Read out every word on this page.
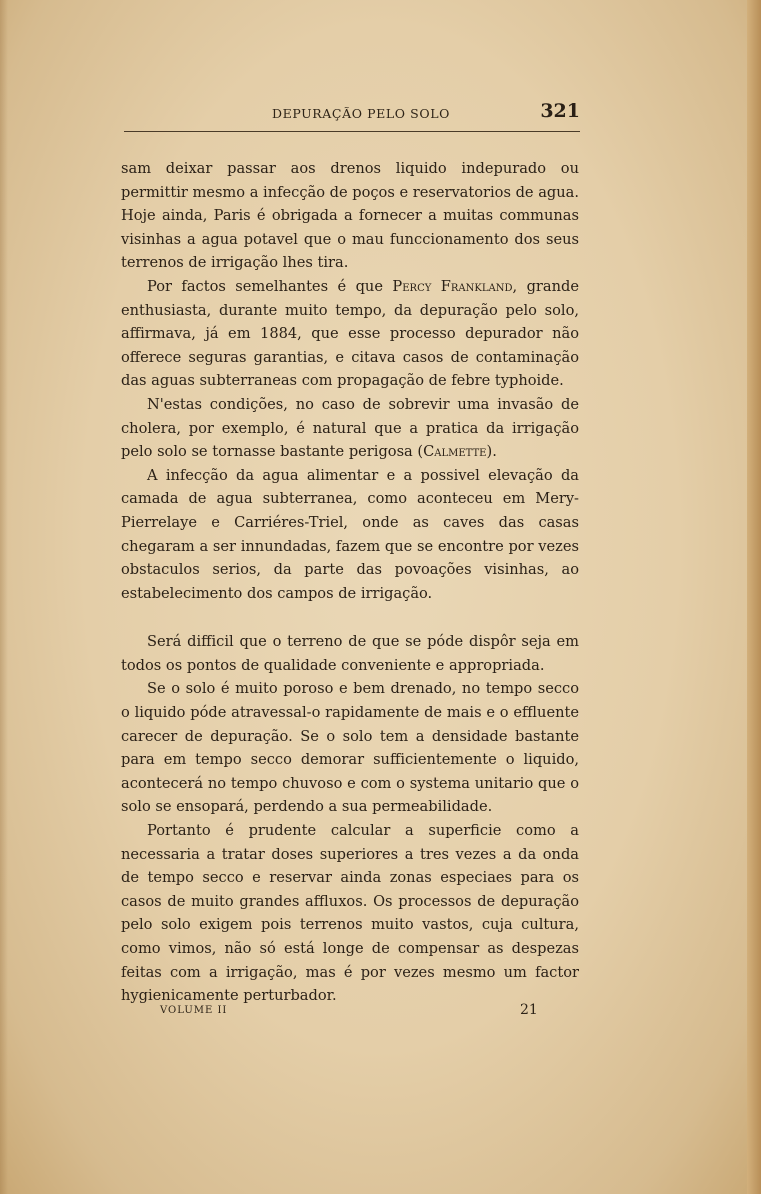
DEPURAÇÃO PELO SOLO	321

sam deixar passar aos drenos liquido indepurado ou permittir mesmo a infecção de poços e reservatorios de agua. Hoje ainda, Paris é obrigada a fornecer a muitas communas visinhas a agua potavel que o mau funccionamento dos seus terrenos de irrigação lhes tira.

Por factos semelhantes é que Percy Frankland, grande enthusiasta, durante muito tempo, da depuração pelo solo, affirmava, já em 1884, que esse processo depurador não offerece seguras garantias, e citava casos de contaminação das aguas subterraneas com propagação de febre typhoide.

N'estas condições, no caso de sobrevir uma invasão de cholera, por exemplo, é natural que a pratica da irrigação pelo solo se tornasse bastante perigosa (Calmette).

A infecção da agua alimentar e a possivel elevação da camada de agua subterranea, como aconteceu em Mery-Pierrelaye e Carriéres-Triel, onde as caves das casas chegaram a ser innundadas, fazem que se encontre por vezes obstaculos serios, da parte das povoações visinhas, ao estabelecimento dos campos de irrigação.

Será difficil que o terreno de que se póde dispôr seja em todos os pontos de qualidade conveniente e appropriada.

Se o solo é muito poroso e bem drenado, no tempo secco o liquido póde atravessal-o rapidamente de mais e o effluente carecer de depuração. Se o solo tem a densidade bastante para em tempo secco demorar sufficientemente o liquido, acontecerá no tempo chuvoso e com o systema unitario que o solo se ensopará, perdendo a sua permeabilidade.

Portanto é prudente calcular a superficie como a necessaria a tratar doses superiores a tres vezes a da onda de tempo secco e reservar ainda zonas especiaes para os casos de muito grandes affluxos. Os processos de depuração pelo solo exigem pois terrenos muito vastos, cuja cultura, como vimos, não só está longe de compensar as despezas feitas com a irrigação, mas é por vezes mesmo um factor hygienicamente perturbador.

VOLUME II	21
